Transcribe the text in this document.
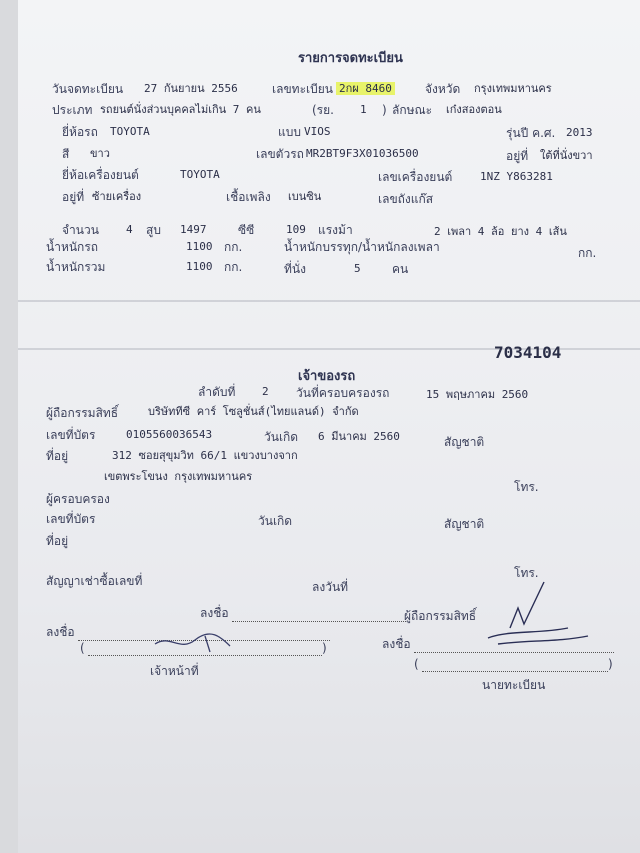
รายการจดทะเบียน
วันจดทะเบียน 27 กันยายน 2556	เลขทะเบียน 2กผ 8460	จังหวัด กรุงเทพมหานคร
ประเภท รถยนต์นั่งส่วนบุคคลไม่เกิน 7 คน	(รย. 1 ) ลักษณะ เก๋งสองตอน
ยี่ห้อรถ TOYOTA	แบบ VIOS	รุ่นปี ค.ศ. 2013
สี ขาว	เลขตัวรถ MR2BT9F3X01036500	อยู่ที่ ใต้ที่นั่งขวา
ยี่ห้อเครื่องยนต์	TOYOTA	เลขเครื่องยนต์	1NZ Y863281
อยู่ที่ ซ้ายเครื่อง	เชื้อเพลิง เบนซิน	เลขถังแก๊ส
จำนวน 4 สูบ 1497	ซีซี	109 แรงม้า	2 เพลา 4 ล้อ ยาง 4 เส้น
น้ำหนักรถ	1100 กก.	น้ำหนักบรรทุก/น้ำหนักลงเพลา	กก.
น้ำหนักรวม	1100 กก.	ที่นั่ง	5	คน
7034104
เจ้าของรถ
ลำดับที่ 2 วันที่ครอบครองรถ	15 พฤษภาคม 2560
ผู้ถือกรรมสิทธิ์	บริษัททีซี คาร์ โซลูชั่นส์(ไทยแลนด์) จำกัด
เลขที่บัตร	0105560036543	วันเกิด 6 มีนาคม 2560	สัญชาติ
ที่อยู่	312 ซอยสุขุมวิท 66/1 แขวงบางจาก
เขตพระโขนง กรุงเทพมหานคร
โทร.
ผู้ครอบครอง
เลขที่บัตร	วันเกิด	สัญชาติ
ที่อยู่
โทร.
สัญญาเช่าซื้อเลขที่	ลงวันที่
ลงชื่อ	ผู้ถือกรรมสิทธิ์
ลงชื่อ
(	)
เจ้าหน้าที่
ลงชื่อ
(	)
นายทะเบียน
